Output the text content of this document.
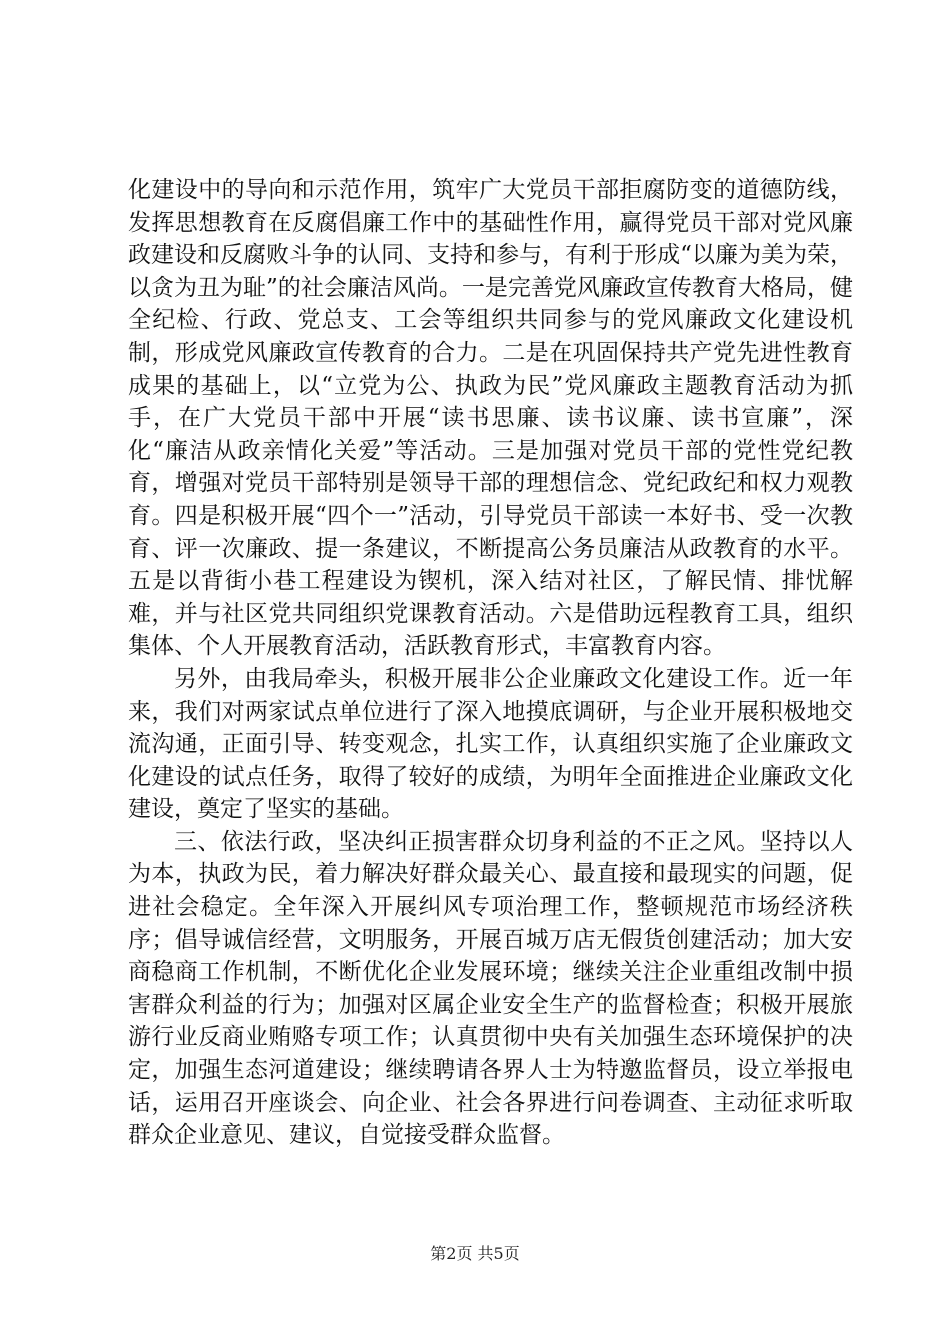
化建设中的导向和示范作用，筑牢广大党员干部拒腐防变的道德防线，发挥思想教育在反腐倡廉工作中的基础性作用，赢得党员干部对党风廉政建设和反腐败斗争的认同、支持和参与，有利于形成“以廉为美为荣，以贪为丑为耻”的社会廉洁风尚。一是完善党风廉政宣传教育大格局，健全纪检、行政、党总支、工会等组织共同参与的党风廉政文化建设机制，形成党风廉政宣传教育的合力。二是在巩固保持共产党先进性教育成果的基础上，以“立党为公、执政为民”党风廉政主题教育活动为抓手，在广大党员干部中开展“读书思廉、读书议廉、读书宣廉”，深化“廉洁从政亲情化关爱”等活动。三是加强对党员干部的党性党纪教育，增强对党员干部特别是领导干部的理想信念、党纪政纪和权力观教育。四是积极开展“四个一”活动，引导党员干部读一本好书、受一次教育、评一次廉政、提一条建议，不断提高公务员廉洁从政教育的水平。五是以背街小巷工程建设为锲机，深入结对社区，了解民情、排忧解难，并与社区党共同组织党课教育活动。六是借助远程教育工具，组织集体、个人开展教育活动，活跃教育形式，丰富教育内容。

另外，由我局牵头，积极开展非公企业廉政文化建设工作。近一年来，我们对两家试点单位进行了深入地摸底调研，与企业开展积极地交流沟通，正面引导、转变观念，扎实工作，认真组织实施了企业廉政文化建设的试点任务，取得了较好的成绩，为明年全面推进企业廉政文化建设，奠定了坚实的基础。

三、依法行政，坚决纠正损害群众切身利益的不正之风。坚持以人为本，执政为民，着力解决好群众最关心、最直接和最现实的问题，促进社会稳定。全年深入开展纠风专项治理工作，整顿规范市场经济秩序；倡导诚信经营，文明服务，开展百城万店无假货创建活动；加大安商稳商工作机制，不断优化企业发展环境；继续关注企业重组改制中损害群众利益的行为；加强对区属企业安全生产的监督检查；积极开展旅游行业反商业贿赂专项工作；认真贯彻中央有关加强生态环境保护的决定，加强生态河道建设；继续聘请各界人士为特邀监督员，设立举报电话，运用召开座谈会、向企业、社会各界进行问卷调查、主动征求听取群众企业意见、建议，自觉接受群众监督。

第2页 共5页
